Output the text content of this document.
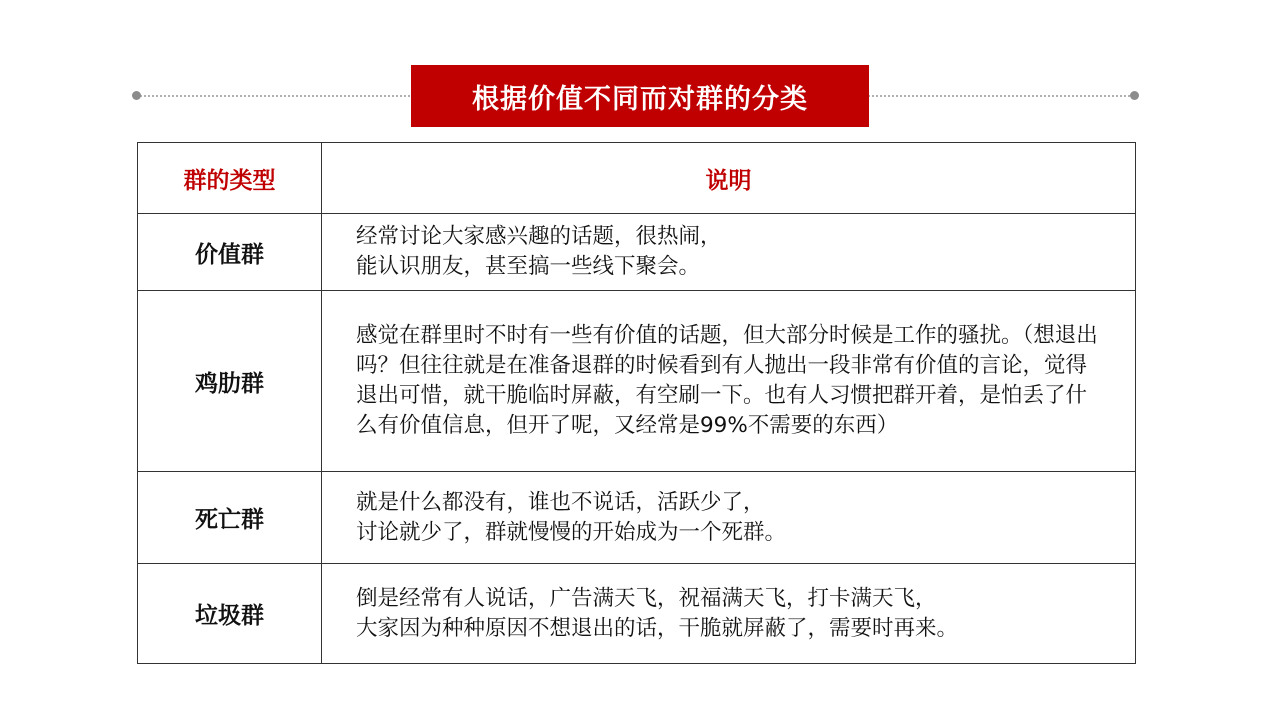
根据价值不同而对群的分类
群的类型	说明
价值群	经常讨论大家感兴趣的话题，很热闹，
能认识朋友，甚至搞一些线下聚会。

鸡肋群	感觉在群里时不时有一些有价值的话题，但大部分时候是工作的骚扰。（想退出吗？但往往就是在准备退群的时候看到有人抛出一段非常有价值的言论，觉得退出可惜，就干脆临时屏蔽，有空刷一下。也有人习惯把群开着，是怕丢了什么有价值信息，但开了呢，又经常是99%不需要的东西）

死亡群	就是什么都没有，谁也不说话，活跃少了，
讨论就少了，群就慢慢的开始成为一个死群。

垃圾群	倒是经常有人说话，广告满天飞，祝福满天飞，打卡满天飞，
大家因为种种原因不想退出的话，干脆就屏蔽了，需要时再来。
